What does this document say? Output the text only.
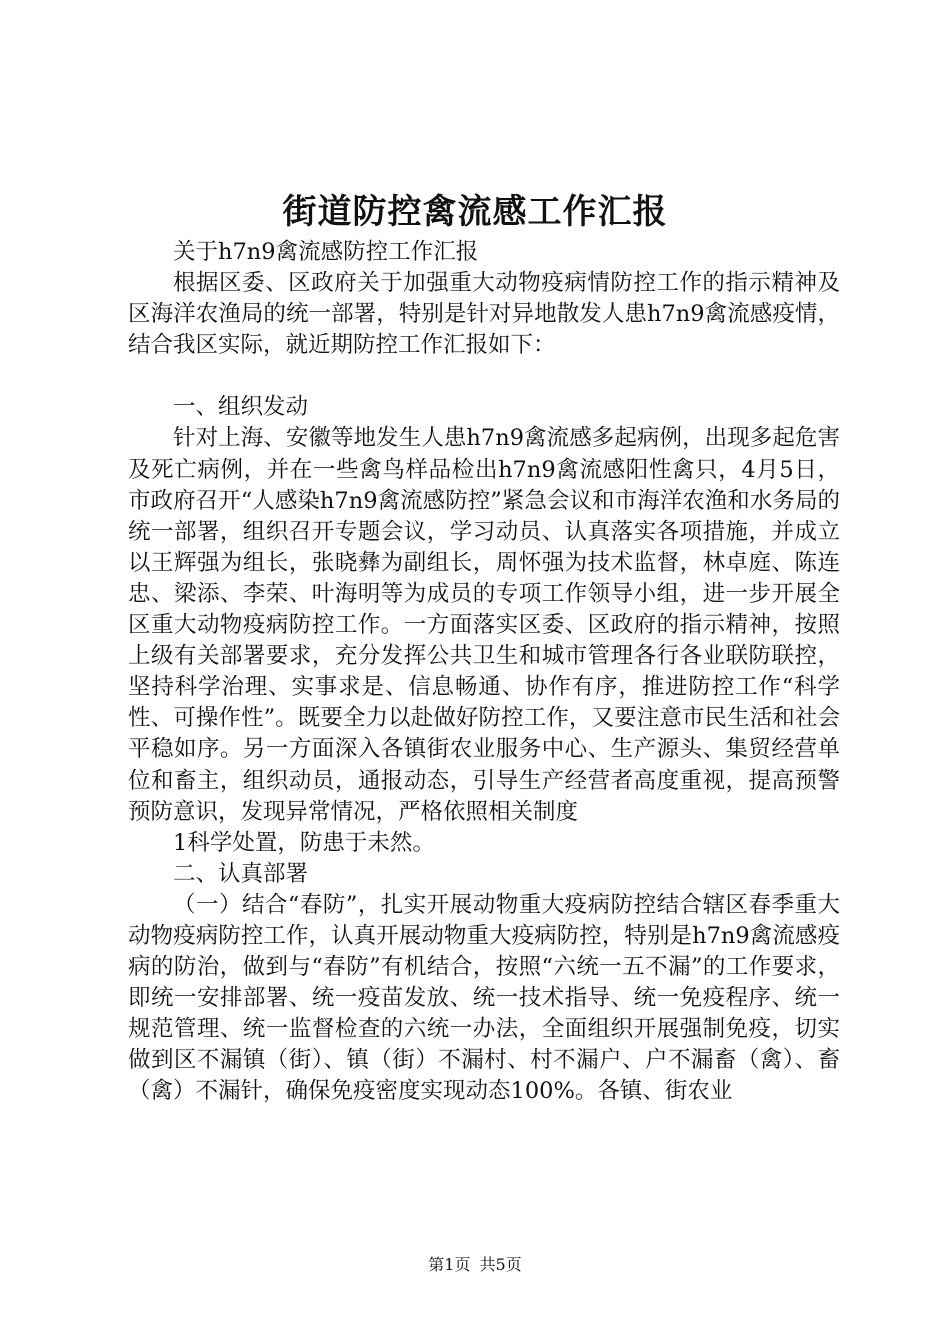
街道防控禽流感工作汇报

关于h7n9禽流感防控工作汇报

根据区委、区政府关于加强重大动物疫病情防控工作的指示精神及区海洋农渔局的统一部署，特别是针对异地散发人患h7n9禽流感疫情，结合我区实际，就近期防控工作汇报如下：

一、组织发动

针对上海、安徽等地发生人患h7n9禽流感多起病例，出现多起危害及死亡病例，并在一些禽鸟样品检出h7n9禽流感阳性禽只，4月5日，市政府召开“人感染h7n9禽流感防控”紧急会议和市海洋农渔和水务局的统一部署，组织召开专题会议，学习动员、认真落实各项措施，并成立以王辉强为组长，张晓彝为副组长，周怀强为技术监督，林卓庭、陈连忠、梁添、李荣、叶海明等为成员的专项工作领导小组，进一步开展全区重大动物疫病防控工作。一方面落实区委、区政府的指示精神，按照上级有关部署要求，充分发挥公共卫生和城市管理各行各业联防联控，坚持科学治理、实事求是、信息畅通、协作有序，推进防控工作“科学性、可操作性”。既要全力以赴做好防控工作，又要注意市民生活和社会平稳如序。另一方面深入各镇街农业服务中心、生产源头、集贸经营单位和畜主，组织动员，通报动态，引导生产经营者高度重视，提高预警预防意识，发现异常情况，严格依照相关制度

1科学处置，防患于未然。

二、认真部署

（一）结合“春防”，扎实开展动物重大疫病防控结合辖区春季重大动物疫病防控工作，认真开展动物重大疫病防控，特别是h7n9禽流感疫病的防治，做到与“春防”有机结合，按照“六统一五不漏”的工作要求，即统一安排部署、统一疫苗发放、统一技术指导、统一免疫程序、统一规范管理、统一监督检查的六统一办法，全面组织开展强制免疫，切实做到区不漏镇（街）、镇（街）不漏村、村不漏户、户不漏畜（禽）、畜（禽）不漏针，确保免疫密度实现动态100%。各镇、街农业

第1页 共5页
